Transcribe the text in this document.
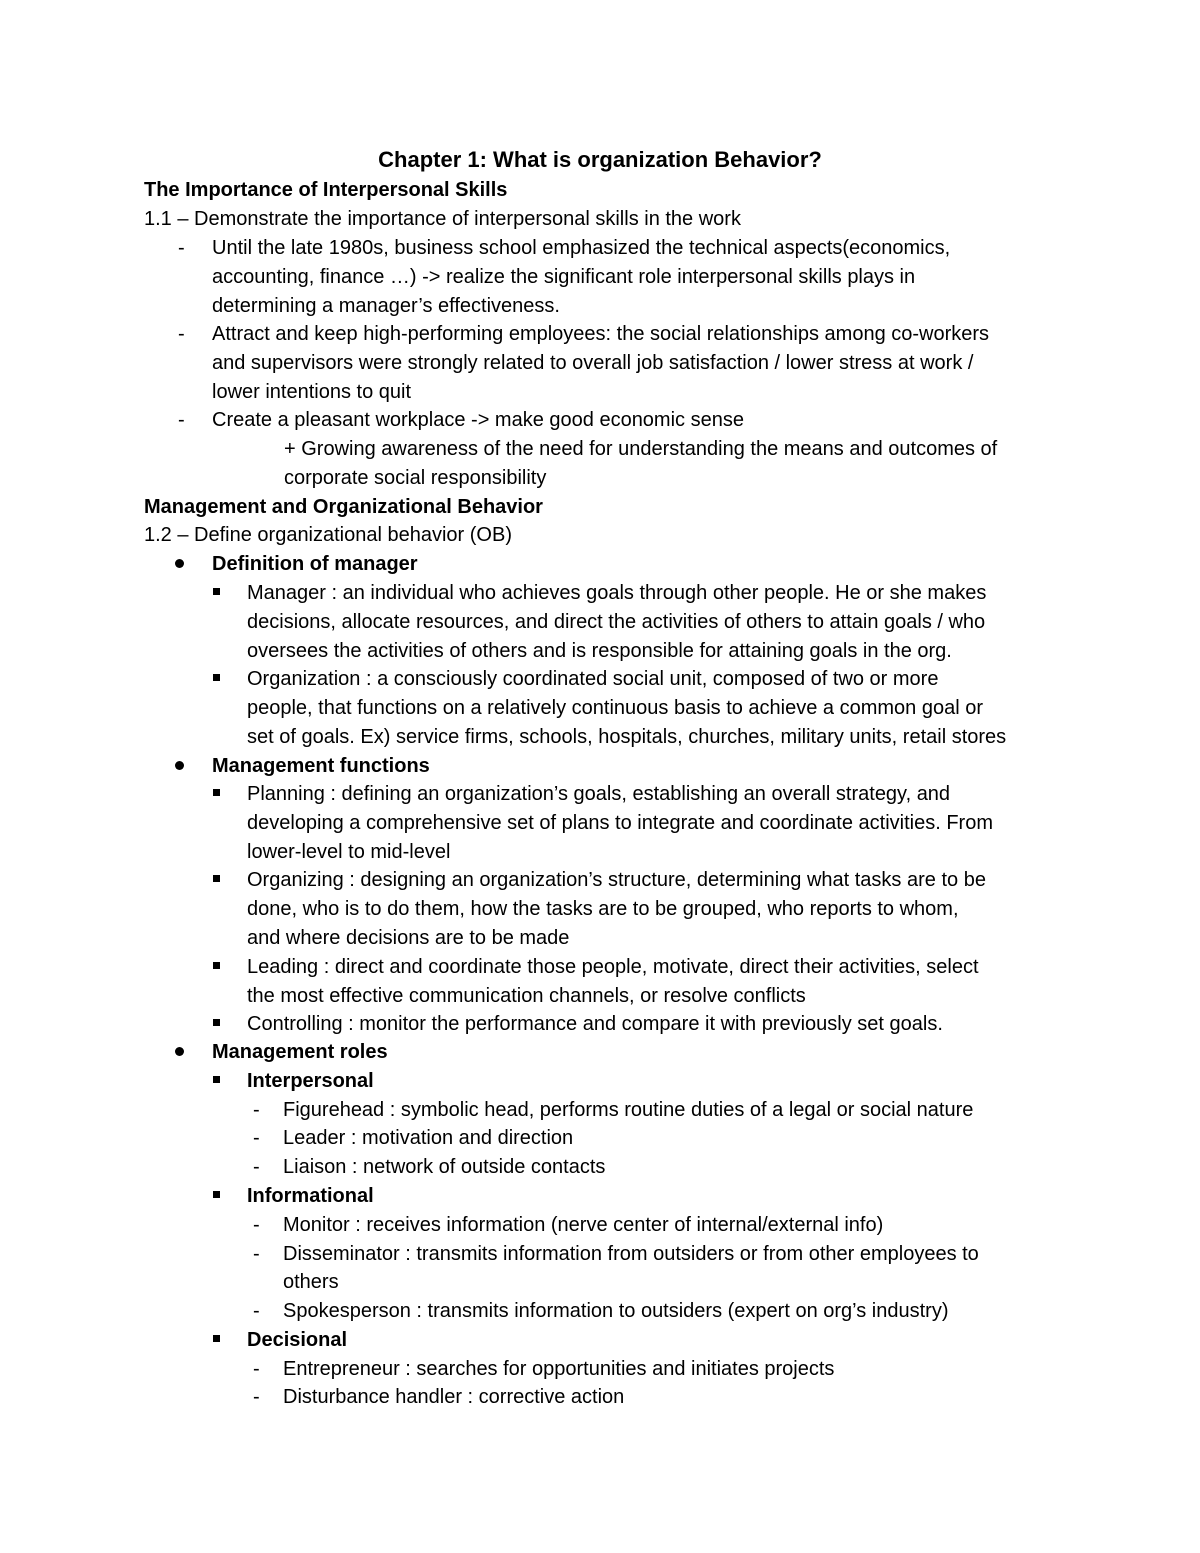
Chapter 1: What is organization Behavior?
The Importance of Interpersonal Skills
1.1 – Demonstrate the importance of interpersonal skills in the work
- Until the late 1980s, business school emphasized the technical aspects(economics,
accounting, finance …) -> realize the significant role interpersonal skills plays in
determining a manager’s effectiveness.
- Attract and keep high-performing employees: the social relationships among co-workers
and supervisors were strongly related to overall job satisfaction / lower stress at work /
lower intentions to quit
- Create a pleasant workplace -> make good economic sense
+ Growing awareness of the need for understanding the means and outcomes of
corporate social responsibility
Management and Organizational Behavior
1.2 – Define organizational behavior (OB)
Definition of manager
Manager : an individual who achieves goals through other people. He or she makes
decisions, allocate resources, and direct the activities of others to attain goals / who
oversees the activities of others and is responsible for attaining goals in the org.
Organization : a consciously coordinated social unit, composed of two or more
people, that functions on a relatively continuous basis to achieve a common goal or
set of goals. Ex) service firms, schools, hospitals, churches, military units, retail stores
Management functions
Planning : defining an organization’s goals, establishing an overall strategy, and
developing a comprehensive set of plans to integrate and coordinate activities. From
lower-level to mid-level
Organizing : designing an organization’s structure, determining what tasks are to be
done, who is to do them, how the tasks are to be grouped, who reports to whom,
and where decisions are to be made
Leading : direct and coordinate those people, motivate, direct their activities, select
the most effective communication channels, or resolve conflicts
Controlling : monitor the performance and compare it with previously set goals.
Management roles
Interpersonal
- Figurehead : symbolic head, performs routine duties of a legal or social nature
- Leader : motivation and direction
- Liaison : network of outside contacts
Informational
- Monitor : receives information (nerve center of internal/external info)
- Disseminator : transmits information from outsiders or from other employees to
others
- Spokesperson : transmits information to outsiders (expert on org’s industry)
Decisional
- Entrepreneur : searches for opportunities and initiates projects
- Disturbance handler : corrective action
